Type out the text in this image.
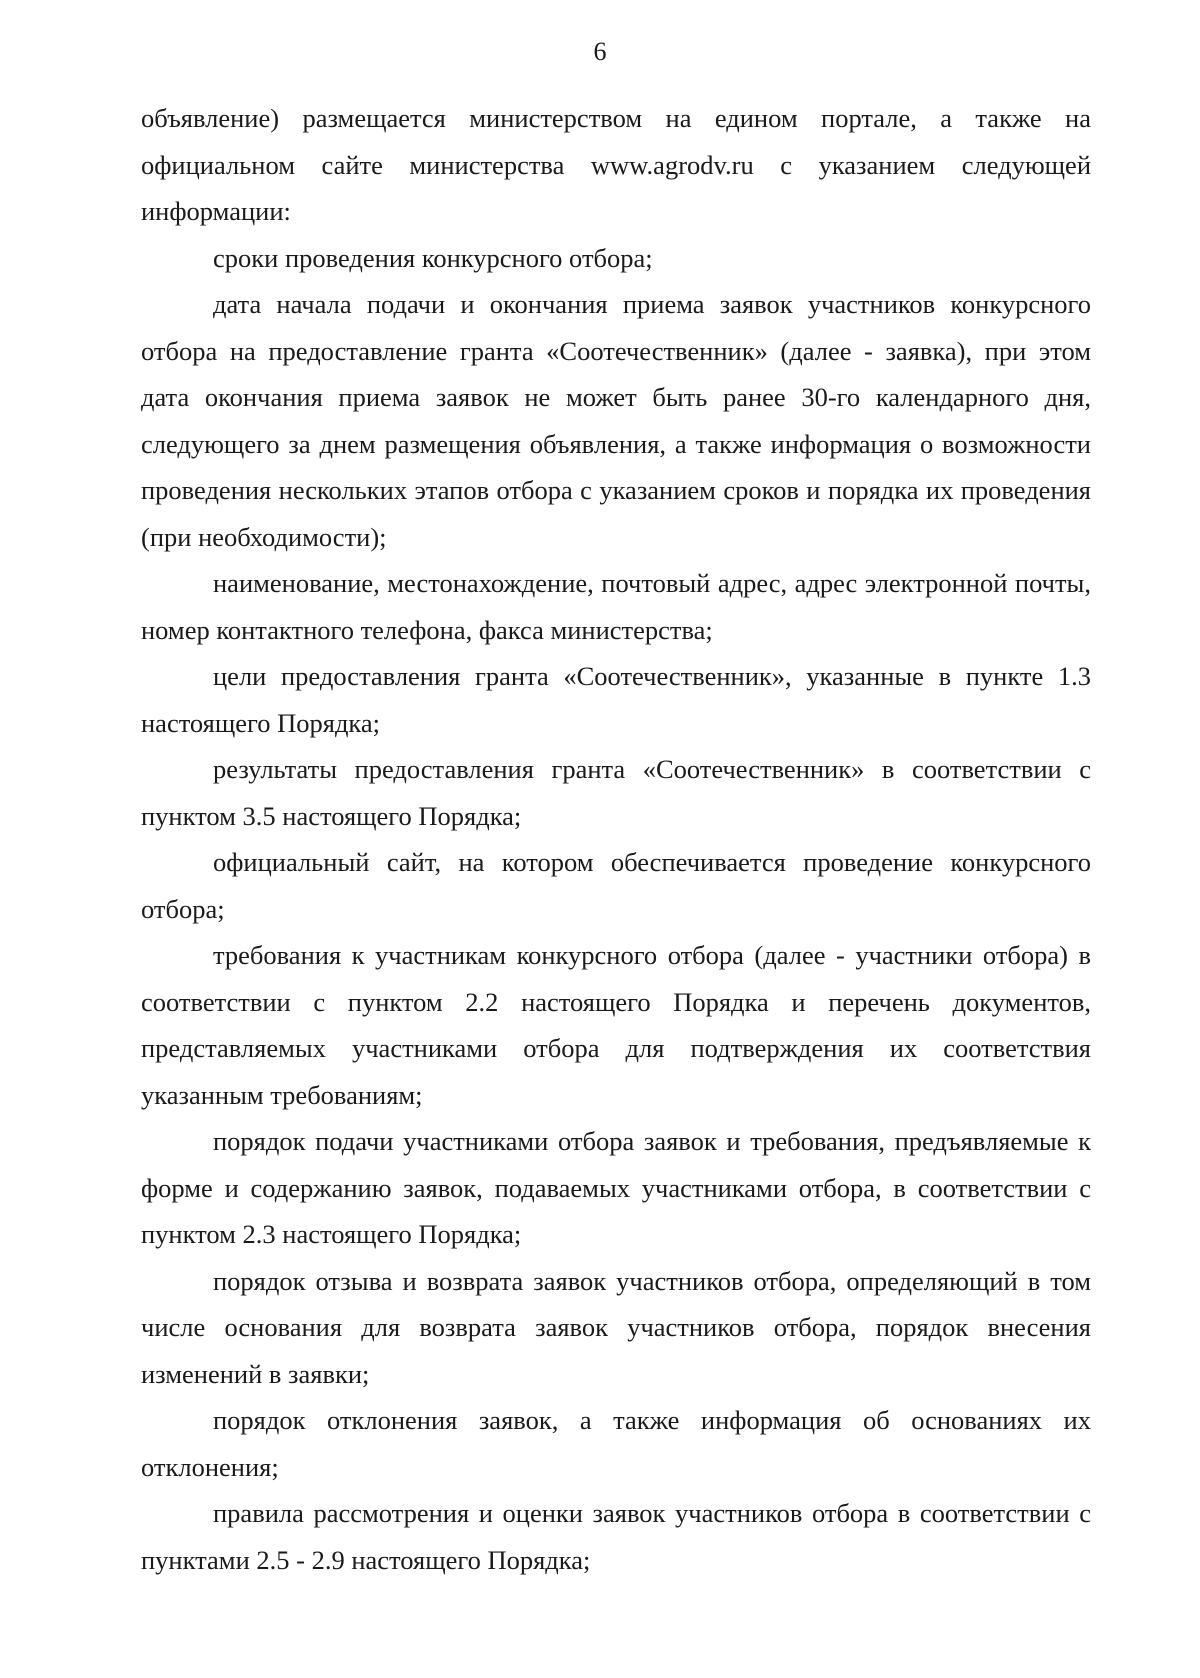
6

объявление) размещается министерством на едином портале, а также на официальном сайте министерства www.agrodv.ru с указанием следующей информации:

сроки проведения конкурсного отбора;

дата начала подачи и окончания приема заявок участников конкурсного отбора на предоставление гранта «Соотечественник» (далее - заявка), при этом дата окончания приема заявок не может быть ранее 30-го календарного дня, следующего за днем размещения объявления, а также информация о возможности проведения нескольких этапов отбора с указанием сроков и порядка их проведения (при необходимости);

наименование, местонахождение, почтовый адрес, адрес электронной почты, номер контактного телефона, факса министерства;

цели предоставления гранта «Соотечественник», указанные в пункте 1.3 настоящего Порядка;

результаты предоставления гранта «Соотечественник» в соответствии с пунктом 3.5 настоящего Порядка;

официальный сайт, на котором обеспечивается проведение конкурсного отбора;

требования к участникам конкурсного отбора (далее - участники отбора) в соответствии с пунктом 2.2 настоящего Порядка и перечень документов, представляемых участниками отбора для подтверждения их соответствия указанным требованиям;

порядок подачи участниками отбора заявок и требования, предъявляемые к форме и содержанию заявок, подаваемых участниками отбора, в соответствии с пунктом 2.3 настоящего Порядка;

порядок отзыва и возврата заявок участников отбора, определяющий в том числе основания для возврата заявок участников отбора, порядок внесения изменений в заявки;

порядок отклонения заявок, а также информация об основаниях их отклонения;

правила рассмотрения и оценки заявок участников отбора в соответствии с пунктами 2.5 - 2.9 настоящего Порядка;
